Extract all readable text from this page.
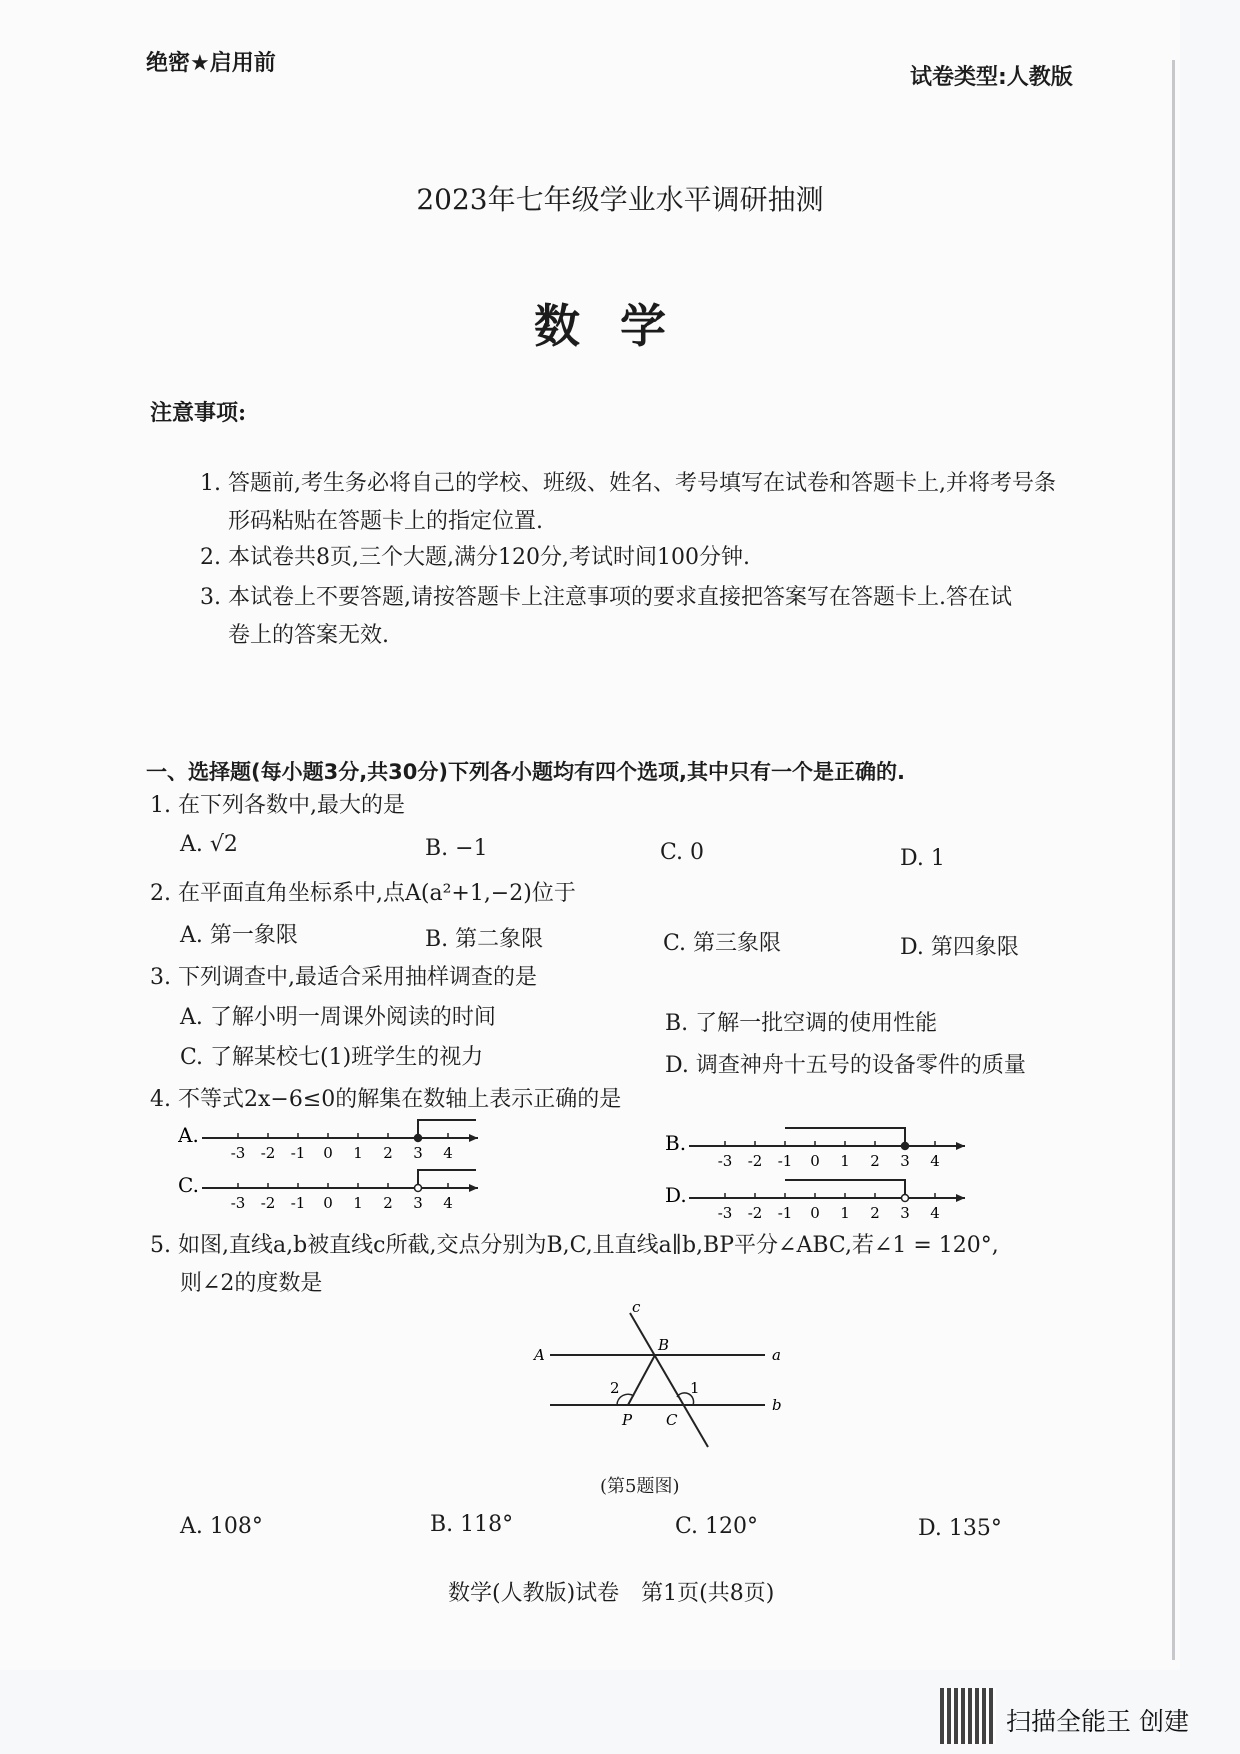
绝密★启用前
试卷类型:人教版
2023年七年级学业水平调研抽测
数学
注意事项:
1. 答题前,考生务必将自己的学校、班级、姓名、考号填写在试卷和答题卡上,并将考号条
形码粘贴在答题卡上的指定位置.
2. 本试卷共8页,三个大题,满分120分,考试时间100分钟.
3. 本试卷上不要答题,请按答题卡上注意事项的要求直接把答案写在答题卡上.答在试
卷上的答案无效.
一、选择题(每小题3分,共30分)下列各小题均有四个选项,其中只有一个是正确的.
1. 在下列各数中,最大的是
A. √2	B. −1	C. 0	D. 1
2. 在平面直角坐标系中,点A(a²+1,−2)位于
A. 第一象限	B. 第二象限	C. 第三象限	D. 第四象限
3. 下列调查中,最适合采用抽样调查的是
A. 了解小明一周课外阅读的时间	B. 了解一批空调的使用性能
C. 了解某校七(1)班学生的视力	D. 调查神舟十五号的设备零件的质量
4. 不等式2x−6≤0的解集在数轴上表示正确的是
A.
-3 -2 -1 0 1 2 3 4	B.
-3 -2 -1 0 1 2 3 4
C.
-3 -2 -1 0 1 2 3 4	D.
-3 -2 -1 0 1 2 3 4
5. 如图,直线a,b被直线c所截,交点分别为B,C,且直线a∥b,BP平分∠ABC,若∠1 = 120°,
则∠2的度数是
A
B
a
b
c
P C
1
2
(第5题图)
A. 108°	B. 118°	C. 120°	D. 135°
数学(人教版)试卷　第1页(共8页)
扫描全能王 创建
